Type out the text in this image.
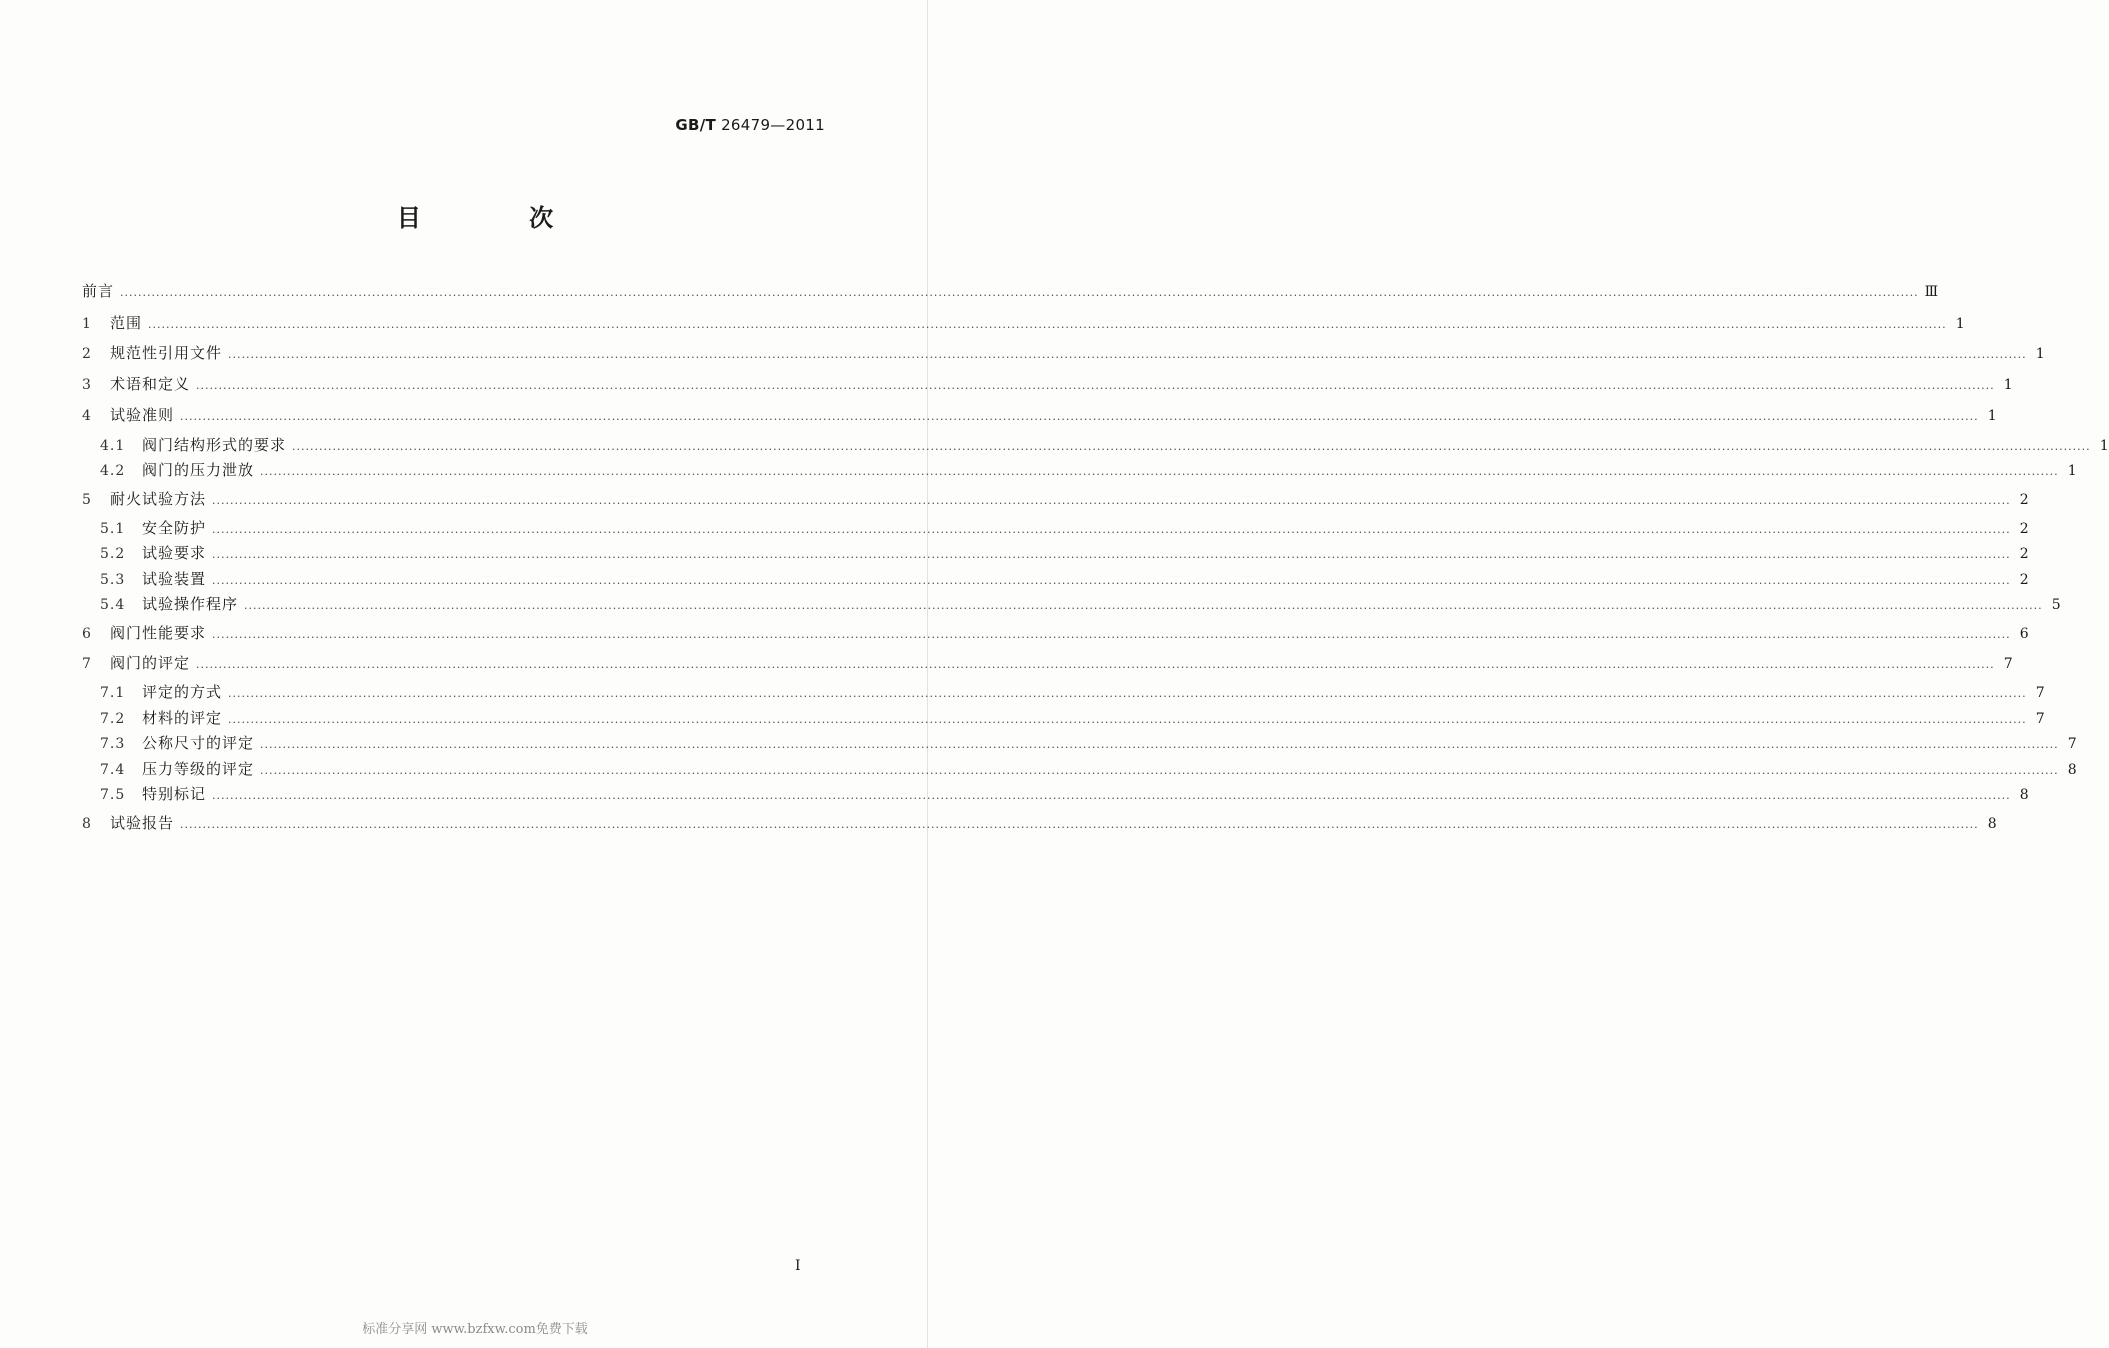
GB/T 26479—2011
目 次
前言 ................................................................................................................................................................................................................................................................................................................................................................................................................ Ⅲ
1	范围 ................................................................................................................................................................................................................................................................................................................................................................................................................ 1
2	规范性引用文件 ................................................................................................................................................................................................................................................................................................................................................................................................................ 1
3	术语和定义 ................................................................................................................................................................................................................................................................................................................................................................................................................ 1
4	试验准则 ................................................................................................................................................................................................................................................................................................................................................................................................................ 1
4.1	阀门结构形式的要求 ................................................................................................................................................................................................................................................................................................................................................................................................................ 1
4.2	阀门的压力泄放 ................................................................................................................................................................................................................................................................................................................................................................................................................ 1
5	耐火试验方法 ................................................................................................................................................................................................................................................................................................................................................................................................................ 2
5.1	安全防护 ................................................................................................................................................................................................................................................................................................................................................................................................................ 2
5.2	试验要求 ................................................................................................................................................................................................................................................................................................................................................................................................................ 2
5.3	试验装置 ................................................................................................................................................................................................................................................................................................................................................................................................................ 2
5.4	试验操作程序 ................................................................................................................................................................................................................................................................................................................................................................................................................ 5
6	阀门性能要求 ................................................................................................................................................................................................................................................................................................................................................................................................................ 6
7	阀门的评定 ................................................................................................................................................................................................................................................................................................................................................................................................................ 7
7.1	评定的方式 ................................................................................................................................................................................................................................................................................................................................................................................................................ 7
7.2	材料的评定 ................................................................................................................................................................................................................................................................................................................................................................................................................ 7
7.3	公称尺寸的评定 ................................................................................................................................................................................................................................................................................................................................................................................................................ 7
7.4	压力等级的评定 ................................................................................................................................................................................................................................................................................................................................................................................................................ 8
7.5	特别标记 ................................................................................................................................................................................................................................................................................................................................................................................................................ 8
8	试验报告 ................................................................................................................................................................................................................................................................................................................................................................................................................ 8
I
标准分享网 www.bzfxw.com免费下载
